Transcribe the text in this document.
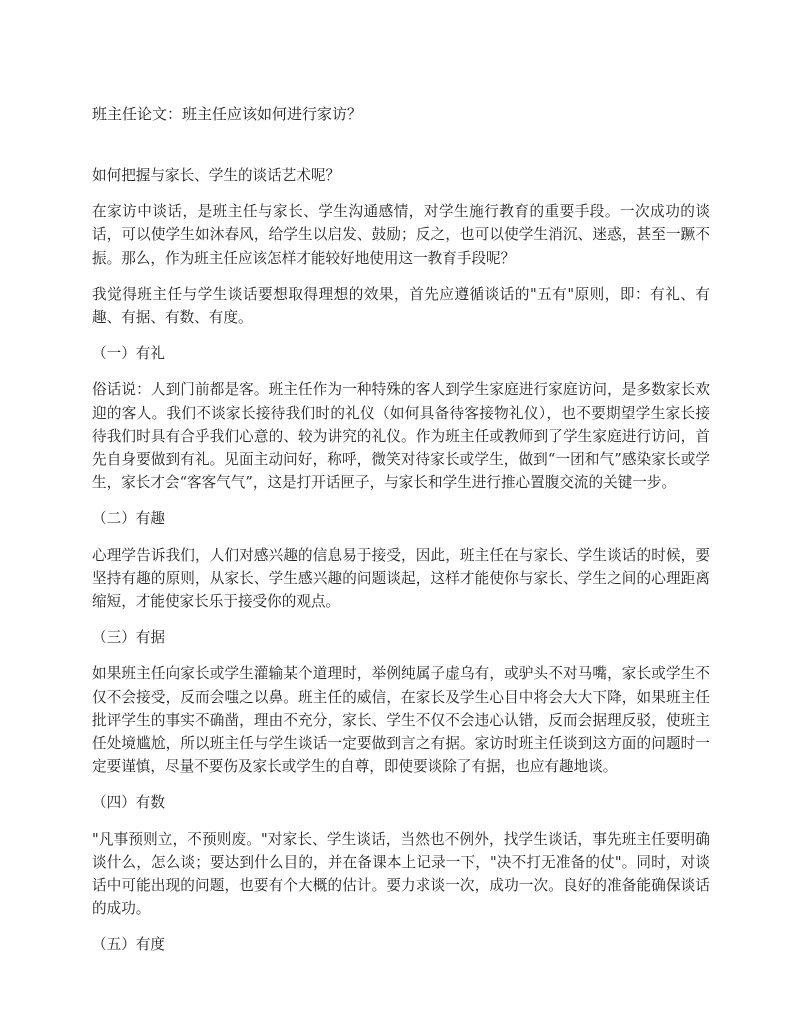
班主任论文：班主任应该如何进行家访？

如何把握与家长、学生的谈话艺术呢？

在家访中谈话，是班主任与家长、学生沟通感情，对学生施行教育的重要手段。一次成功的谈话，可以使学生如沐春风，给学生以启发、鼓励；反之，也可以使学生消沉、迷惑，甚至一蹶不振。那么，作为班主任应该怎样才能较好地使用这一教育手段呢？

我觉得班主任与学生谈话要想取得理想的效果，首先应遵循谈话的"五有"原则，即：有礼、有趣、有据、有数、有度。

（一）有礼

俗话说：人到门前都是客。班主任作为一种特殊的客人到学生家庭进行家庭访问，是多数家长欢迎的客人。我们不谈家长接待我们时的礼仪（如何具备待客接物礼仪），也不要期望学生家长接待我们时具有合乎我们心意的、较为讲究的礼仪。作为班主任或教师到了学生家庭进行访问，首先自身要做到有礼。见面主动问好，称呼，微笑对待家长或学生，做到“一团和气”感染家长或学生，家长才会“客客气气”，这是打开话匣子，与家长和学生进行推心置腹交流的关键一步。

（二）有趣

心理学告诉我们，人们对感兴趣的信息易于接受，因此，班主任在与家长、学生谈话的时候，要坚持有趣的原则，从家长、学生感兴趣的问题谈起，这样才能使你与家长、学生之间的心理距离缩短，才能使家长乐于接受你的观点。

（三）有据

如果班主任向家长或学生灌输某个道理时，举例纯属子虚乌有，或驴头不对马嘴，家长或学生不仅不会接受，反而会嗤之以鼻。班主任的威信，在家长及学生心目中将会大大下降，如果班主任批评学生的事实不确凿，理由不充分，家长、学生不仅不会违心认错，反而会据理反驳，使班主任处境尴尬，所以班主任与学生谈话一定要做到言之有据。家访时班主任谈到这方面的问题时一定要谨慎，尽量不要伤及家长或学生的自尊，即使要谈除了有据，也应有趣地谈。

（四）有数

"凡事预则立，不预则废。"对家长、学生谈话，当然也不例外，找学生谈话，事先班主任要明确谈什么，怎么谈；要达到什么目的，并在备课本上记录一下，"决不打无准备的仗"。同时，对谈话中可能出现的问题，也要有个大概的估计。要力求谈一次，成功一次。良好的准备能确保谈话的成功。

（五）有度
